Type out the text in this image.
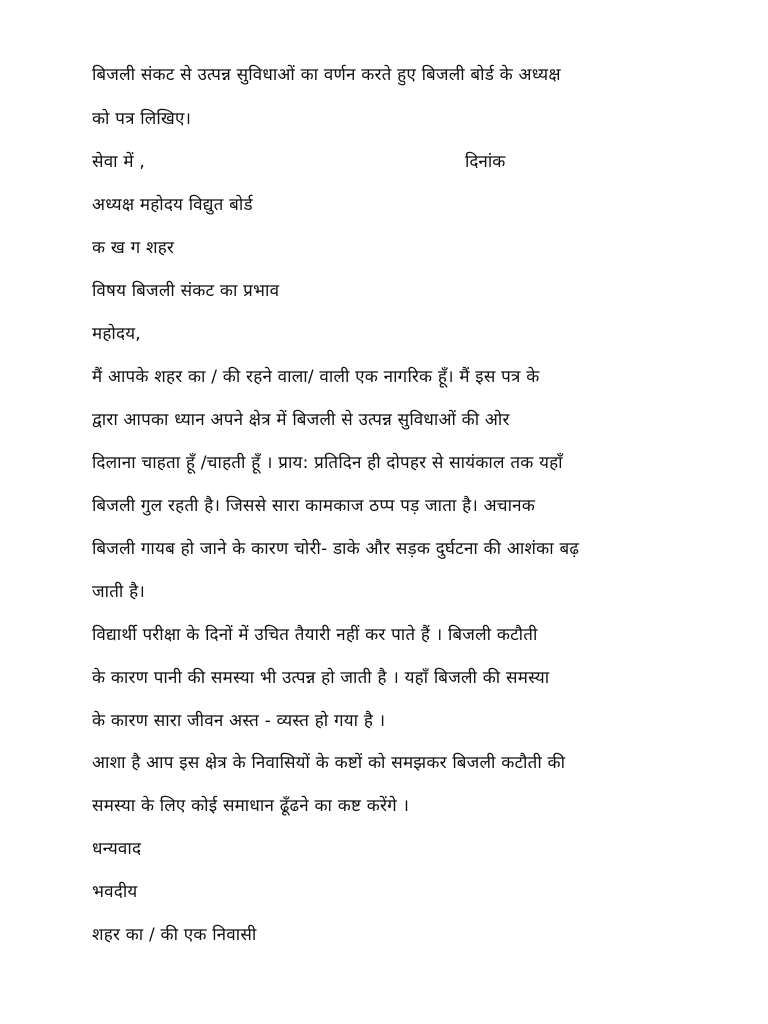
बिजली संकट से उत्पन्न सुविधाओं का वर्णन करते हुए बिजली बोर्ड के अध्यक्ष
को पत्र लिखिए।
सेवा में ,	दिनांक
अध्यक्ष महोदय विद्युत बोर्ड
क ख ग शहर
विषय बिजली संकट का प्रभाव
महोदय,
मैं आपके शहर का / की रहने वाला/ वाली एक नागरिक हूँ। मैं इस पत्र के
द्वारा आपका ध्यान अपने क्षेत्र में बिजली से उत्पन्न सुविधाओं की ओर
दिलाना चाहता हूँ /चाहती हूँ । प्राय: प्रतिदिन ही दोपहर से सायंकाल तक यहाँ
बिजली गुल रहती है। जिससे सारा कामकाज ठप्प पड़ जाता है। अचानक
बिजली गायब हो जाने के कारण चोरी- डाके और सड़क दुर्घटना की आशंका बढ़
जाती है।
विद्यार्थी परीक्षा के दिनों में उचित तैयारी नहीं कर पाते हैं । बिजली कटौती
के कारण पानी की समस्या भी उत्पन्न हो जाती है । यहाँ बिजली की समस्या
के कारण सारा जीवन अस्त - व्यस्त हो गया है ।
आशा है आप इस क्षेत्र के निवासियों के कष्टों को समझकर बिजली कटौती की
समस्या के लिए कोई समाधान ढूँढने का कष्ट करेंगे ।
धन्यवाद
भवदीय
शहर का / की एक निवासी
